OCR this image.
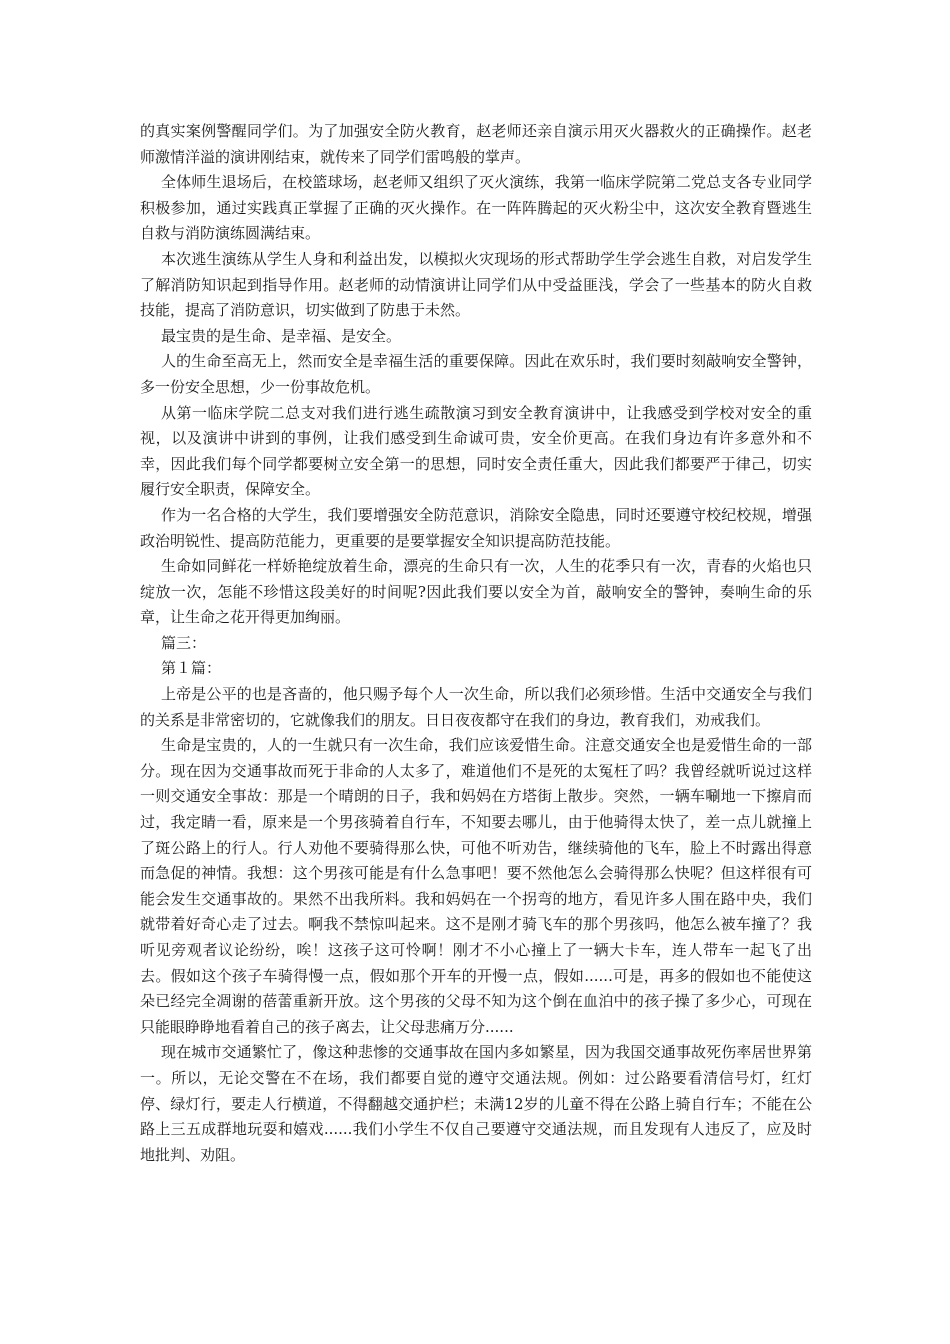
的真实案例警醒同学们。为了加强安全防火教育，赵老师还亲自演示用灭火器救火的正确操作。赵老师激情洋溢的演讲刚结束，就传来了同学们雷鸣般的掌声。

全体师生退场后，在校篮球场，赵老师又组织了灭火演练，我第一临床学院第二党总支各专业同学积极参加，通过实践真正掌握了正确的灭火操作。在一阵阵腾起的灭火粉尘中，这次安全教育暨逃生自救与消防演练圆满结束。

本次逃生演练从学生人身和利益出发，以模拟火灾现场的形式帮助学生学会逃生自救，对启发学生了解消防知识起到指导作用。赵老师的动情演讲让同学们从中受益匪浅，学会了一些基本的防火自救技能，提高了消防意识，切实做到了防患于未然。

最宝贵的是生命、是幸福、是安全。

人的生命至高无上，然而安全是幸福生活的重要保障。因此在欢乐时，我们要时刻敲响安全警钟，多一份安全思想，少一份事故危机。

从第一临床学院二总支对我们进行逃生疏散演习到安全教育演讲中，让我感受到学校对安全的重视，以及演讲中讲到的事例，让我们感受到生命诚可贵，安全价更高。在我们身边有许多意外和不幸，因此我们每个同学都要树立安全第一的思想，同时安全责任重大，因此我们都要严于律己，切实履行安全职责，保障安全。

作为一名合格的大学生，我们要增强安全防范意识，消除安全隐患，同时还要遵守校纪校规，增强政治明锐性、提高防范能力，更重要的是要掌握安全知识提高防范技能。

生命如同鲜花一样娇艳绽放着生命，漂亮的生命只有一次，人生的花季只有一次，青春的火焰也只绽放一次，怎能不珍惜这段美好的时间呢?因此我们要以安全为首，敲响安全的警钟，奏响生命的乐章，让生命之花开得更加绚丽。

篇三：

第１篇：

上帝是公平的也是吝啬的，他只赐予每个人一次生命，所以我们必须珍惜。生活中交通安全与我们的关系是非常密切的，它就像我们的朋友。日日夜夜都守在我们的身边，教育我们，劝戒我们。

生命是宝贵的，人的一生就只有一次生命，我们应该爱惜生命。注意交通安全也是爱惜生命的一部分。现在因为交通事故而死于非命的人太多了，难道他们不是死的太冤枉了吗？我曾经就听说过这样一则交通安全事故：那是一个晴朗的日子，我和妈妈在方塔街上散步。突然，一辆车唰地一下擦肩而过，我定睛一看，原来是一个男孩骑着自行车，不知要去哪儿，由于他骑得太快了，差一点儿就撞上了斑公路上的行人。行人劝他不要骑得那么快，可他不听劝告，继续骑他的飞车，脸上不时露出得意而急促的神情。我想：这个男孩可能是有什么急事吧！要不然他怎么会骑得那么快呢？但这样很有可能会发生交通事故的。果然不出我所料。我和妈妈在一个拐弯的地方，看见许多人围在路中央，我们就带着好奇心走了过去。啊我不禁惊叫起来。这不是刚才骑飞车的那个男孩吗，他怎么被车撞了？我听见旁观者议论纷纷，唉！这孩子这可怜啊！刚才不小心撞上了一辆大卡车，连人带车一起飞了出去。假如这个孩子车骑得慢一点，假如那个开车的开慢一点，假如......可是，再多的假如也不能使这朵已经完全凋谢的蓓蕾重新开放。这个男孩的父母不知为这个倒在血泊中的孩子操了多少心，可现在只能眼睁睁地看着自己的孩子离去，让父母悲痛万分......

现在城市交通繁忙了，像这种悲惨的交通事故在国内多如繁星，因为我国交通事故死伤率居世界第一。所以，无论交警在不在场，我们都要自觉的遵守交通法规。例如：过公路要看清信号灯，红灯停、绿灯行，要走人行横道，不得翻越交通护栏；未满12岁的儿童不得在公路上骑自行车；不能在公路上三五成群地玩耍和嬉戏......我们小学生不仅自己要遵守交通法规，而且发现有人违反了，应及时地批判、劝阻。
